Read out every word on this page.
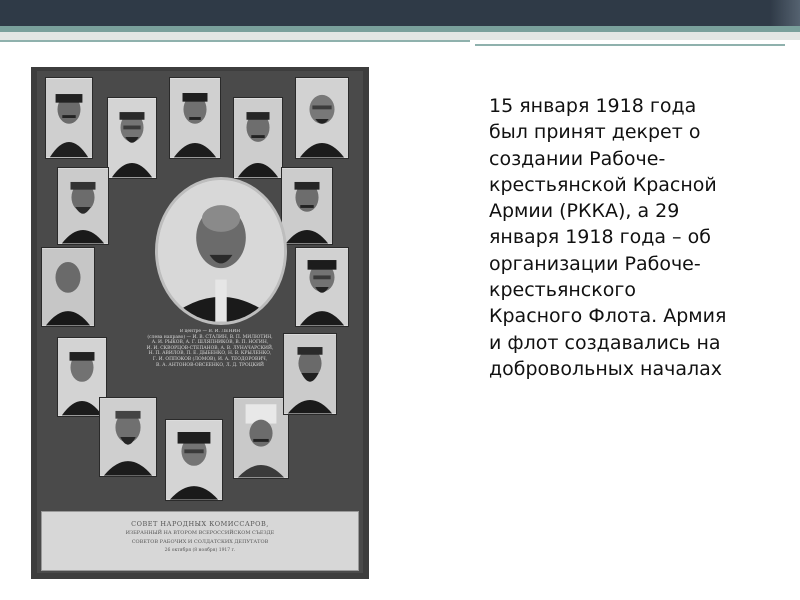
В центре — В. И. ЛЕНИН
(слева направо) — И. В. СТАЛИН, В. П. МИЛЮТИН,
А. И. РЫКОВ, А. Г. ШЛЯПНИКОВ, В. П. НОГИН,
И. И. СКВОРЦОВ-СТЕПАНОВ, А. В. ЛУНАЧАРСКИЙ,
Н. П. АВИЛОВ, П. Е. ДЫБЕНКО, Н. В. КРЫЛЕНКО,
Г. И. ОППОКОВ (ЛОМОВ), И. А. ТЕОДОРОВИЧ,
В. А. АНТОНОВ-ОВСЕЕНКО, Л. Д. ТРОЦКИЙ
СОВЕТ НАРОДНЫХ КОМИССАРОВ,
ИЗБРАННЫЙ НА ВТОРОМ ВСЕРОССИЙСКОМ СЪЕЗДЕ
СОВЕТОВ РАБОЧИХ И СОЛДАТСКИХ ДЕПУТАТОВ
26 октября (8 ноября) 1917 г.
15 января 1918 года
был принят декрет о
создании Рабоче-
крестьянской Красной
Армии (РККА), а 29
января 1918 года – об
организации Рабоче-
крестьянского
Красного Флота. Армия
и флот создавались на
добровольных началах
